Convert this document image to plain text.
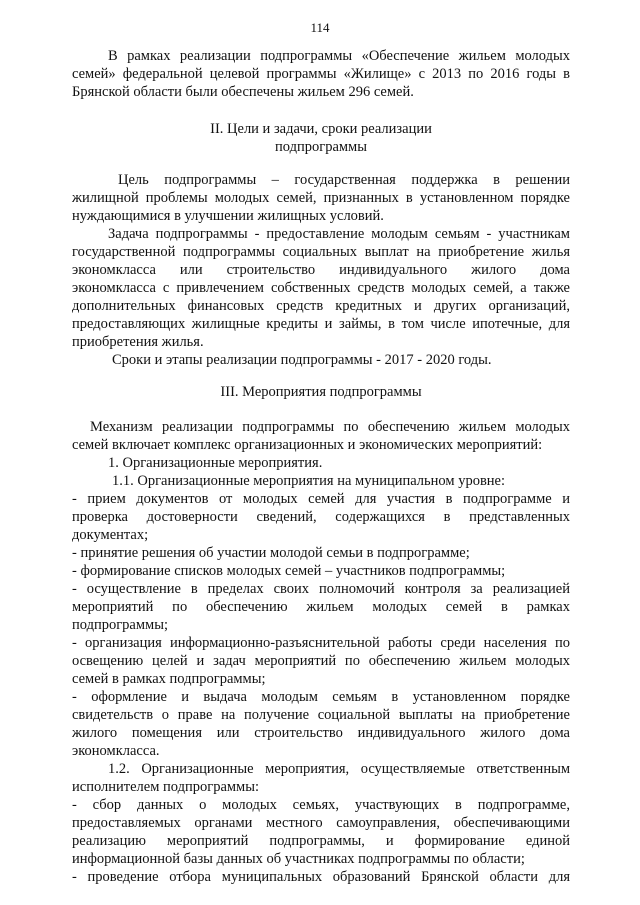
114
В рамках реализации подпрограммы «Обеспечение жильем молодых
семей» федеральной целевой программы «Жилище» с 2013 по 2016 годы в
Брянской области были обеспечены жильем 296 семей.
II. Цели и задачи, сроки реализации
подпрограммы
Цель подпрограммы – государственная поддержка в решении
жилищной проблемы молодых семей, признанных в установленном порядке
нуждающимися в улучшении жилищных условий.
Задача подпрограммы - предоставление молодым семьям - участникам
государственной подпрограммы социальных выплат на приобретение жилья
экономкласса или строительство индивидуального жилого дома
экономкласса с привлечением собственных средств молодых семей, а также
дополнительных финансовых средств кредитных и других организаций,
предоставляющих жилищные кредиты и займы, в том числе ипотечные, для
приобретения жилья.
Сроки и этапы реализации подпрограммы - 2017 - 2020 годы.
III. Мероприятия подпрограммы
Механизм реализации подпрограммы по обеспечению жильем молодых
семей включает комплекс организационных и экономических мероприятий:
1. Организационные мероприятия.
1.1. Организационные мероприятия на муниципальном уровне:
- прием документов от молодых семей для участия в подпрограмме и
проверка достоверности сведений, содержащихся в представленных
документах;
- принятие решения об участии молодой семьи в подпрограмме;
- формирование списков молодых семей – участников подпрограммы;
- осуществление в пределах своих полномочий контроля за реализацией
мероприятий по обеспечению жильем молодых семей в рамках
подпрограммы;
- организация информационно-разъяснительной работы среди населения по
освещению целей и задач мероприятий по обеспечению жильем молодых
семей в рамках подпрограммы;
- оформление и выдача молодым семьям в установленном порядке
свидетельств о праве на получение социальной выплаты на приобретение
жилого помещения или строительство индивидуального жилого дома
экономкласса.
1.2. Организационные мероприятия, осуществляемые ответственным
исполнителем подпрограммы:
- сбор данных о молодых семьях, участвующих в подпрограмме,
предоставляемых органами местного самоуправления, обеспечивающими
реализацию мероприятий подпрограммы, и формирование единой
информационной базы данных об участниках подпрограммы по области;
- проведение отбора муниципальных образований Брянской области для
